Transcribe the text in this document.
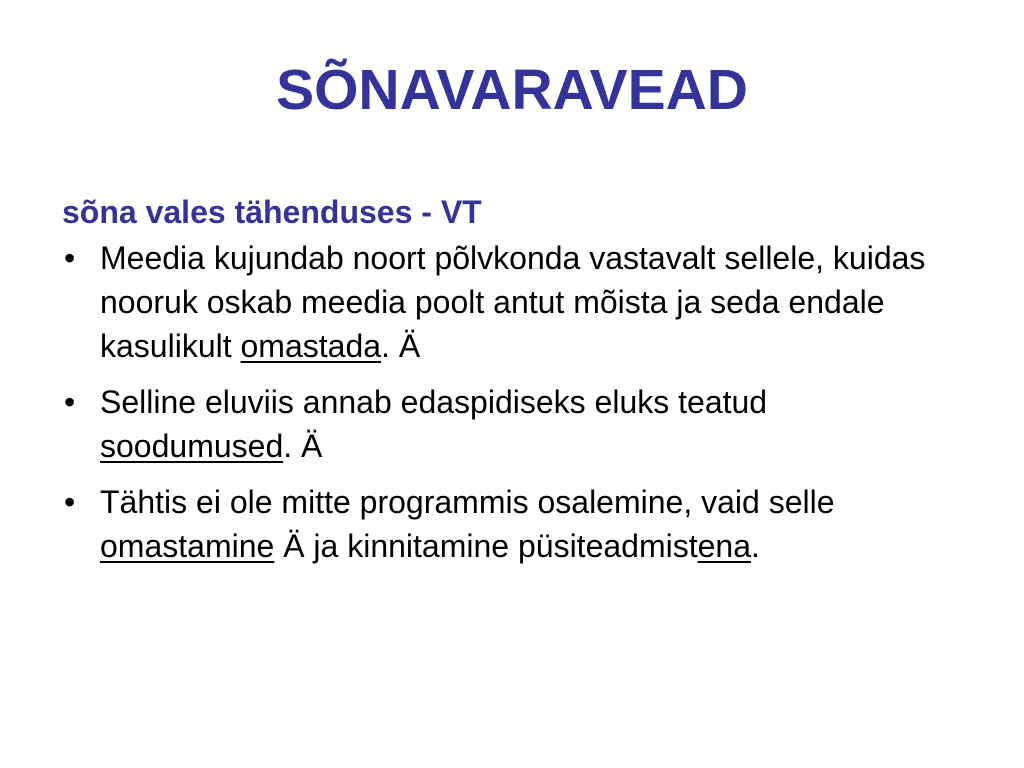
SÕNAVARAVEAD
sõna vales tähenduses - VT
• Meedia kujundab noort põlvkonda vastavalt sellele, kuidas nooruk oskab meedia poolt antut mõista ja seda endale kasulikult omastada. Ä
• Selline eluviis annab edaspidiseks eluks teatud soodumused. Ä
• Tähtis ei ole mitte programmis osalemine, vaid selle omastamine Ä ja kinnitamine püsiteadmistena.
